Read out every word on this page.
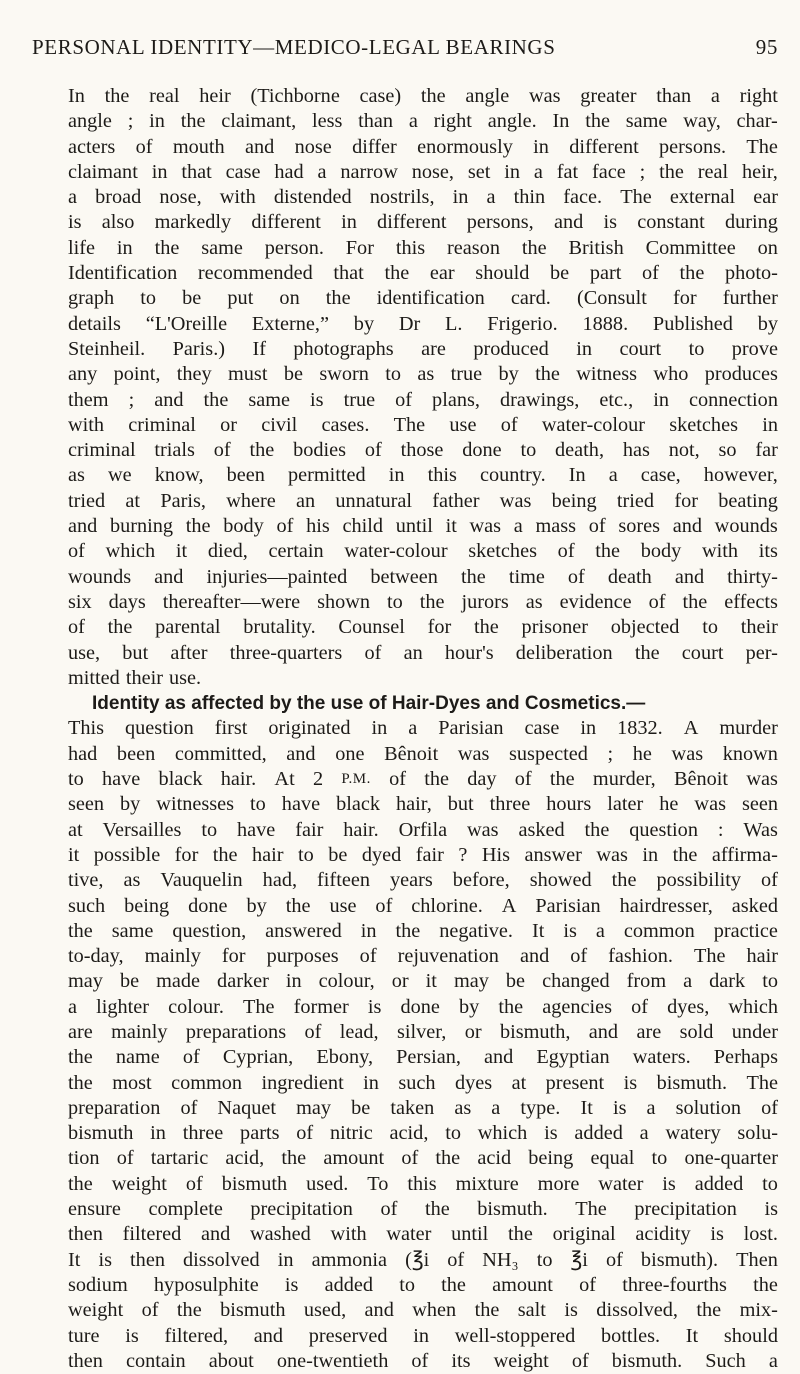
PERSONAL IDENTITY—MEDICO-LEGAL BEARINGS	95
In the real heir (Tichborne case) the angle was greater than a right
angle ; in the claimant, less than a right angle. In the same way, char-
acters of mouth and nose differ enormously in different persons. The
claimant in that case had a narrow nose, set in a fat face ; the real heir,
a broad nose, with distended nostrils, in a thin face. The external ear
is also markedly different in different persons, and is constant during
life in the same person. For this reason the British Committee on
Identification recommended that the ear should be part of the photo-
graph to be put on the identification card. (Consult for further
details “L'Oreille Externe,” by Dr L. Frigerio. 1888. Published by
Steinheil. Paris.) If photographs are produced in court to prove
any point, they must be sworn to as true by the witness who produces
them ; and the same is true of plans, drawings, etc., in connection
with criminal or civil cases. The use of water-colour sketches in
criminal trials of the bodies of those done to death, has not, so far
as we know, been permitted in this country. In a case, however,
tried at Paris, where an unnatural father was being tried for beating
and burning the body of his child until it was a mass of sores and wounds
of which it died, certain water-colour sketches of the body with its
wounds and injuries—painted between the time of death and thirty-
six days thereafter—were shown to the jurors as evidence of the effects
of the parental brutality. Counsel for the prisoner objected to their
use, but after three-quarters of an hour's deliberation the court per-
mitted their use.
Identity as affected by the use of Hair-Dyes and Cosmetics.—
This question first originated in a Parisian case in 1832. A murder
had been committed, and one Bênoit was suspected ; he was known
to have black hair. At 2 P.M. of the day of the murder, Bênoit was
seen by witnesses to have black hair, but three hours later he was seen
at Versailles to have fair hair. Orfila was asked the question : Was
it possible for the hair to be dyed fair ? His answer was in the affirma-
tive, as Vauquelin had, fifteen years before, showed the possibility of
such being done by the use of chlorine. A Parisian hairdresser, asked
the same question, answered in the negative. It is a common practice
to-day, mainly for purposes of rejuvenation and of fashion. The hair
may be made darker in colour, or it may be changed from a dark to
a lighter colour. The former is done by the agencies of dyes, which
are mainly preparations of lead, silver, or bismuth, and are sold under
the name of Cyprian, Ebony, Persian, and Egyptian waters. Perhaps
the most common ingredient in such dyes at present is bismuth. The
preparation of Naquet may be taken as a type. It is a solution of
bismuth in three parts of nitric acid, to which is added a watery solu-
tion of tartaric acid, the amount of the acid being equal to one-quarter
the weight of bismuth used. To this mixture more water is added to
ensure complete precipitation of the bismuth. The precipitation is
then filtered and washed with water until the original acidity is lost.
It is then dissolved in ammonia (℥i of NH₃ to ℥i of bismuth). Then
sodium hyposulphite is added to the amount of three-fourths the
weight of the bismuth used, and when the salt is dissolved, the mix-
ture is filtered, and preserved in well-stoppered bottles. It should
then contain about one-twentieth of its weight of bismuth. Such a
